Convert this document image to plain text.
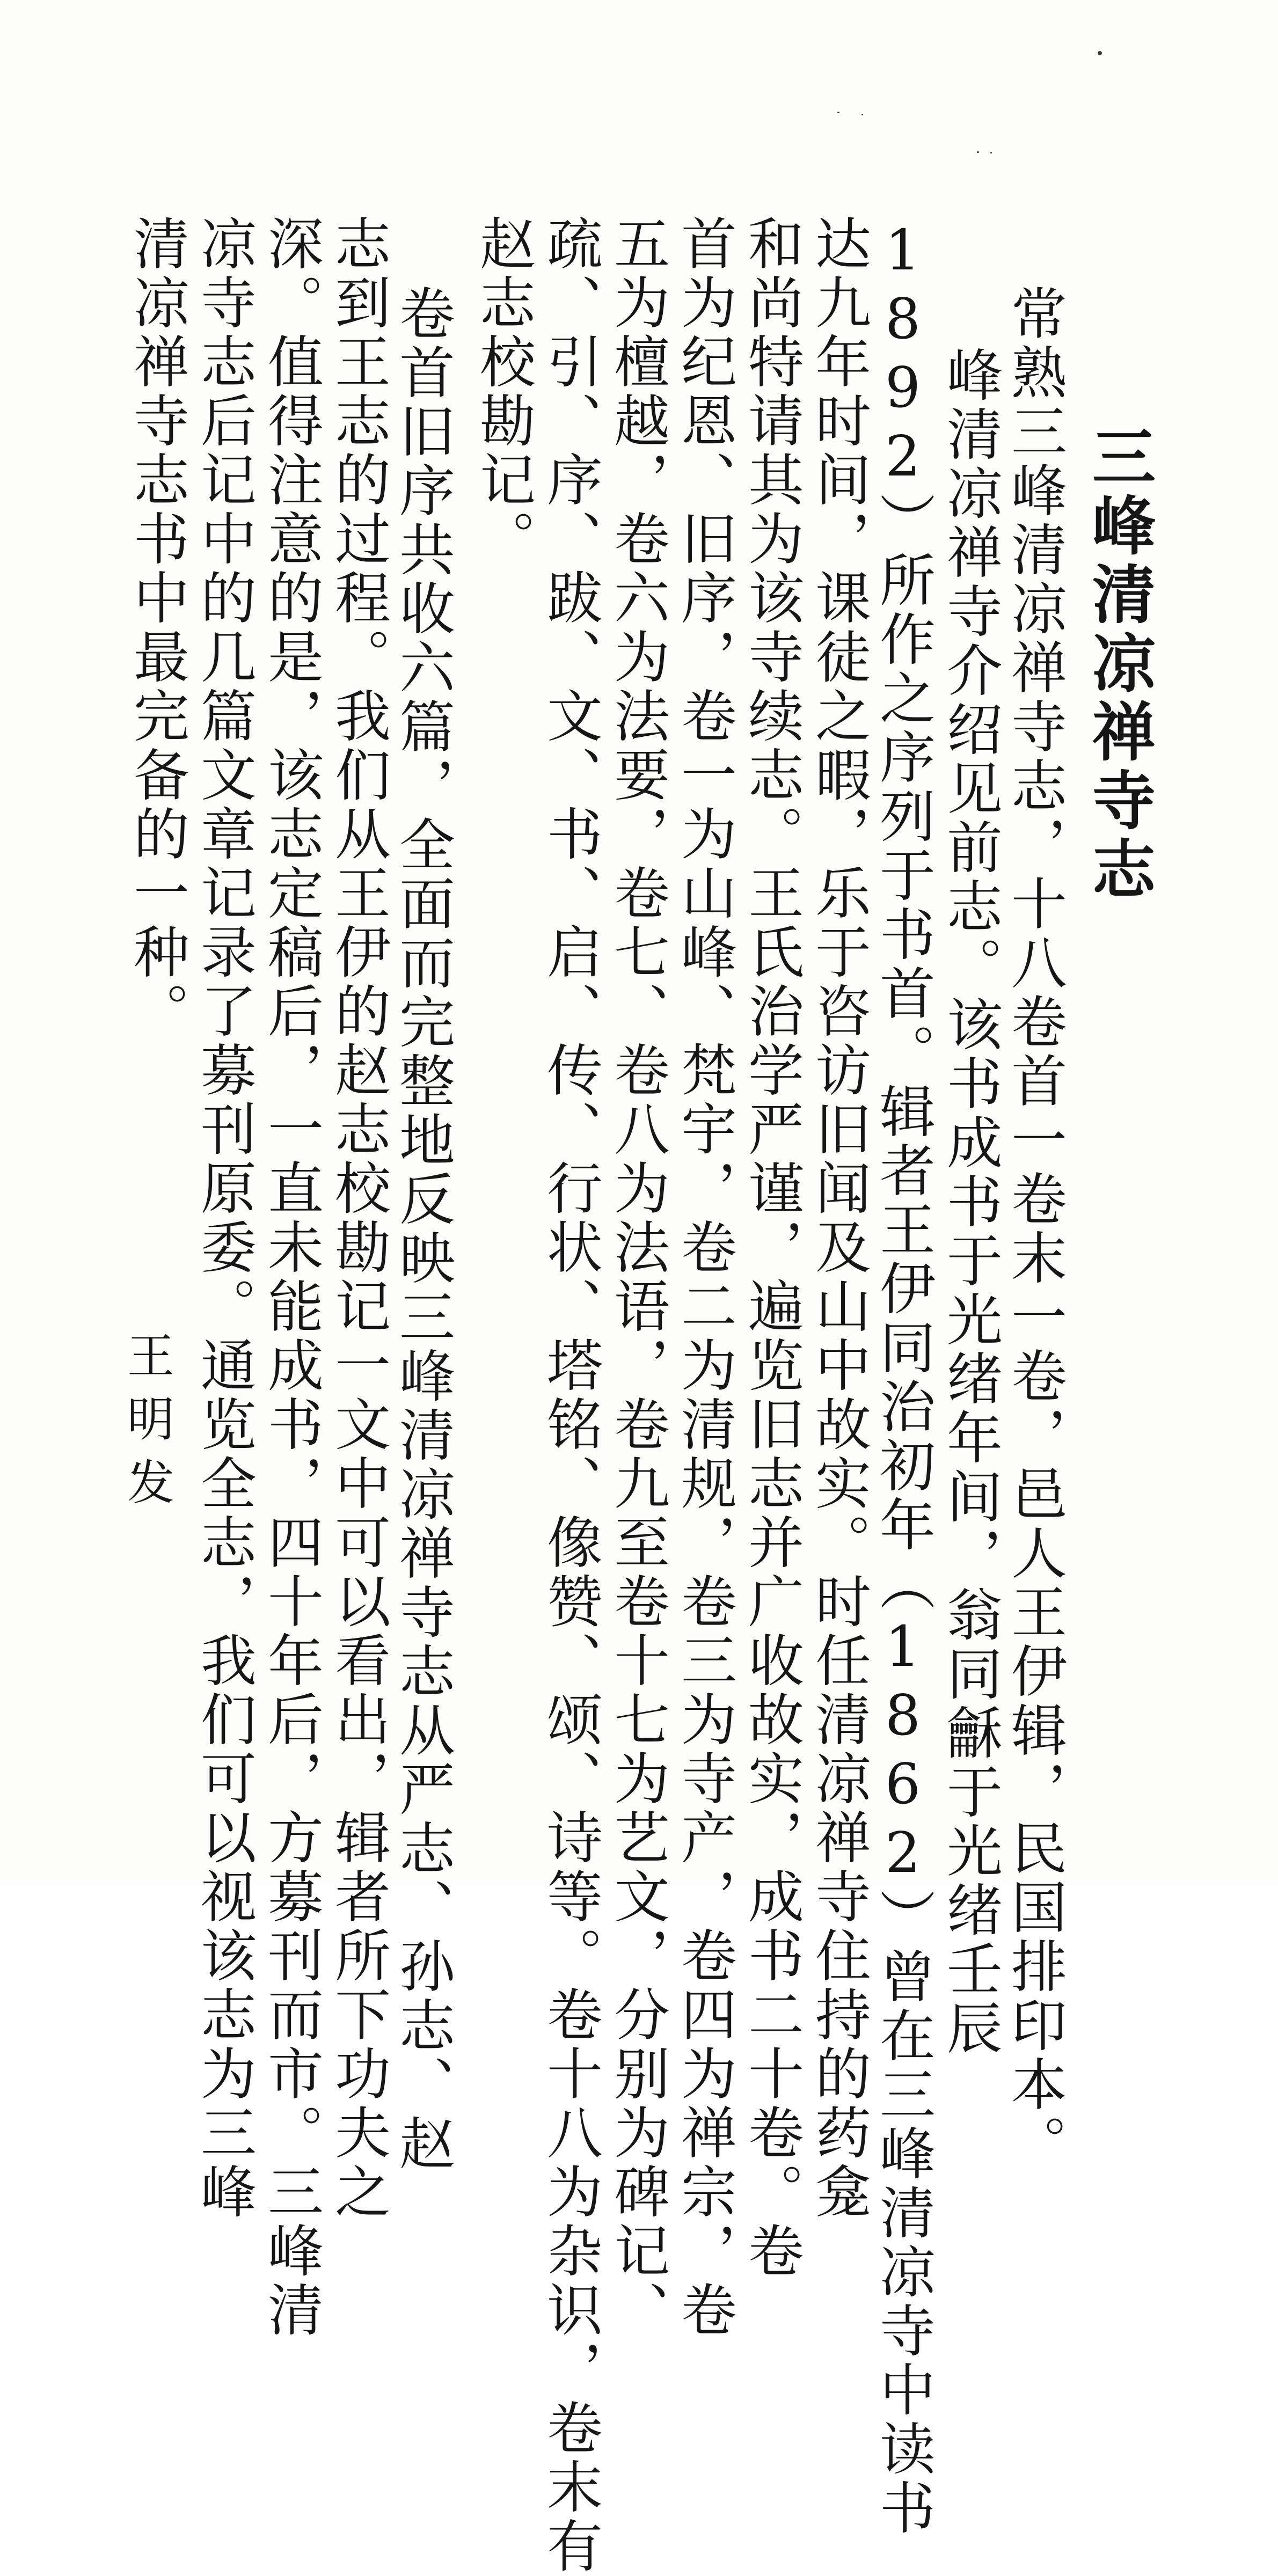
三峰清凉禅寺志
常熟三峰清凉禅寺志，十八卷首一卷末一卷，邑人王伊辑，民国排印本。
峰清凉禅寺介绍见前志。该书成书于光绪年间，翁同龢于光绪壬辰
1892）所作之序列于书首。辑者王伊同治初年（1862）曾在三峰清凉寺中读书
达九年时间，课徒之暇，乐于咨访旧闻及山中故实。时任清凉禅寺住持的药龛
和尚特请其为该寺续志。王氏治学严谨，遍览旧志并广收故实，成书二十卷。卷
首为纪恩、旧序，卷一为山峰、梵宇，卷二为清规，卷三为寺产，卷四为禅宗，卷
五为檀越，卷六为法要，卷七、卷八为法语，卷九至卷十七为艺文，分别为碑记、
疏、引、序、跋、文、书、启、传、行状、塔铭、像赞、颂、诗等。卷十八为杂识，卷末有
赵志校勘记。
卷首旧序共收六篇，全面而完整地反映三峰清凉禅寺志从严志、孙志、赵
志到王志的过程。我们从王伊的赵志校勘记一文中可以看出，辑者所下功夫之
深。值得注意的是，该志定稿后，一直未能成书，四十年后，方募刊而市。三峰清
凉寺志后记中的几篇文章记录了募刊原委。通览全志，我们可以视该志为三峰
清凉禅寺志书中最完备的一种。
王明发
